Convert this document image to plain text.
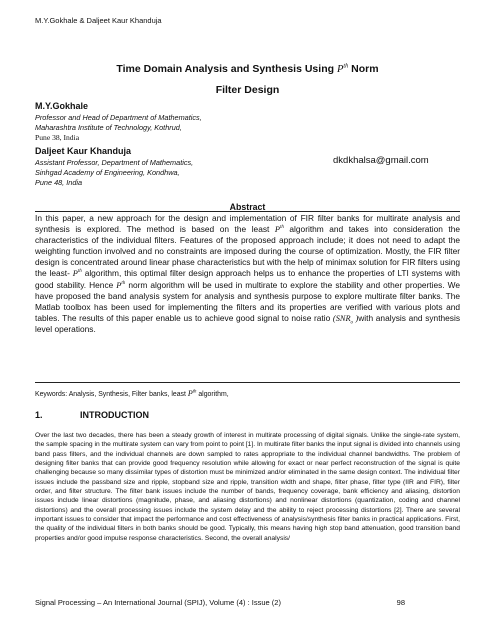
M.Y.Gokhale & Daljeet Kaur Khanduja
Time Domain Analysis and Synthesis Using $P^{th}$ Norm
Filter Design
M.Y.Gokhale
Professor and Head of Department of Mathematics,
Maharashtra Institute of Technology, Kothrud,
Pune 38, India
Daljeet Kaur Khanduja
Assistant Professor, Department of Mathematics,
Sinhgad Academy of Engineering, Kondhwa,
Pune 48, India
dkdkhalsa@gmail.com
Abstract
In this paper, a new approach for the design and implementation of FIR filter banks for multirate analysis and synthesis is explored. The method is based on the least $P^{th}$ algorithm and takes into consideration the characteristics of the individual filters. Features of the proposed approach include; it does not need to adapt the weighting function involved and no constraints are imposed during the course of optimization. Mostly, the FIR filter design is concentrated around linear phase characteristics but with the help of minimax solution for FIR filters using the least- $P^{th}$ algorithm, this optimal filter design approach helps us to enhance the properties of LTI systems with good stability. Hence $P^{th}$ norm algorithm will be used in multirate to explore the stability and other properties. We have proposed the band analysis system for analysis and synthesis purpose to explore multirate filter banks. The Matlab toolbox has been used for implementing the filters and its properties are verified with various plots and tables. The results of this paper enable us to achieve good signal to noise ratio ($SNR_o$ )with analysis and synthesis level operations.
Keywords: Analysis, Synthesis, Filter banks, least $P^{th}$ algorithm,
1.	INTRODUCTION
Over the last two decades, there has been a steady growth of interest in multirate processing of digital signals. Unlike the single-rate system, the sample spacing in the multirate system can vary from point to point [1]. In multirate filter banks the input signal is divided into channels using band pass filters, and the individual channels are down sampled to rates appropriate to the individual channel bandwidths. The problem of designing filter banks that can provide good frequency resolution while allowing for exact or near perfect reconstruction of the signal is quite challenging because so many dissimilar types of distortion must be minimized and/or eliminated in the same design context. The individual filter issues include the passband size and ripple, stopband size and ripple, transition width and shape, filter phase, filter type (IIR and FIR), filter order, and filter structure. The filter bank issues include the number of bands, frequency coverage, bank efficiency and aliasing, distortion issues include linear distortions (magnitude, phase, and aliasing distortions) and nonlinear distortions (quantization, coding and channel distortions) and the overall processing issues include the system delay and the ability to reject processing distortions [2]. There are several important issues to consider that impact the performance and cost effectiveness of analysis/synthesis filter banks in practical applications. First, the quality of the individual filters in both banks should be good. Typically, this means having high stop band attenuation, good transition band properties and/or good impulse response characteristics. Second, the overall analysis/
Signal Processing – An International Journal (SPIJ), Volume (4) : Issue (2)	98
